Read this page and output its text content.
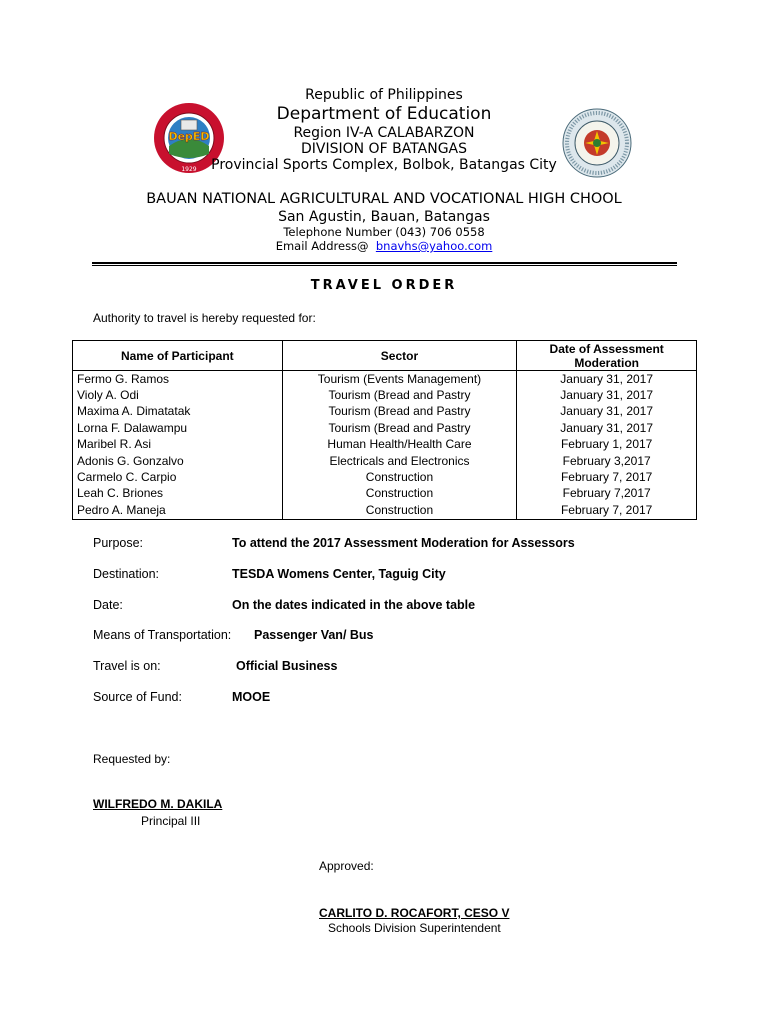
DepED
1929
Republic of Philippines
Department of Education
Region IV-A CALABARZON
DIVISION OF BATANGAS
Provincial Sports Complex, Bolbok, Batangas City
BAUAN NATIONAL AGRICULTURAL AND VOCATIONAL HIGH CHOOL
San Agustin, Bauan, Batangas
Telephone Number (043) 706 0558
Email Address@ bnavhs@yahoo.com
TRAVEL ORDER
Authority to travel is hereby requested for:
Name of Participant	Sector	Date of Assessment Moderation
Fermo G. Ramos	Tourism (Events Management)	January 31, 2017
Violy A. Odi	Tourism (Bread and Pastry	January 31, 2017
Maxima A. Dimatatak	Tourism (Bread and Pastry	January 31, 2017
Lorna F. Dalawampu	Tourism (Bread and Pastry	January 31, 2017
Maribel R. Asi	Human Health/Health Care	February 1, 2017
Adonis G. Gonzalvo	Electricals and Electronics	February 3,2017
Carmelo C. Carpio	Construction	February 7, 2017
Leah C. Briones	Construction	February 7,2017
Pedro A. Maneja	Construction	February 7, 2017
Purpose:	To attend the 2017 Assessment Moderation for Assessors
Destination:	TESDA Womens Center, Taguig City
Date:	On the dates indicated in the above table
Means of Transportation: Passenger Van/ Bus
Travel is on:	Official Business
Source of Fund:	MOOE
Requested by:
WILFREDO M. DAKILA
Principal III
Approved:
CARLITO D. ROCAFORT, CESO V
Schools Division Superintendent
